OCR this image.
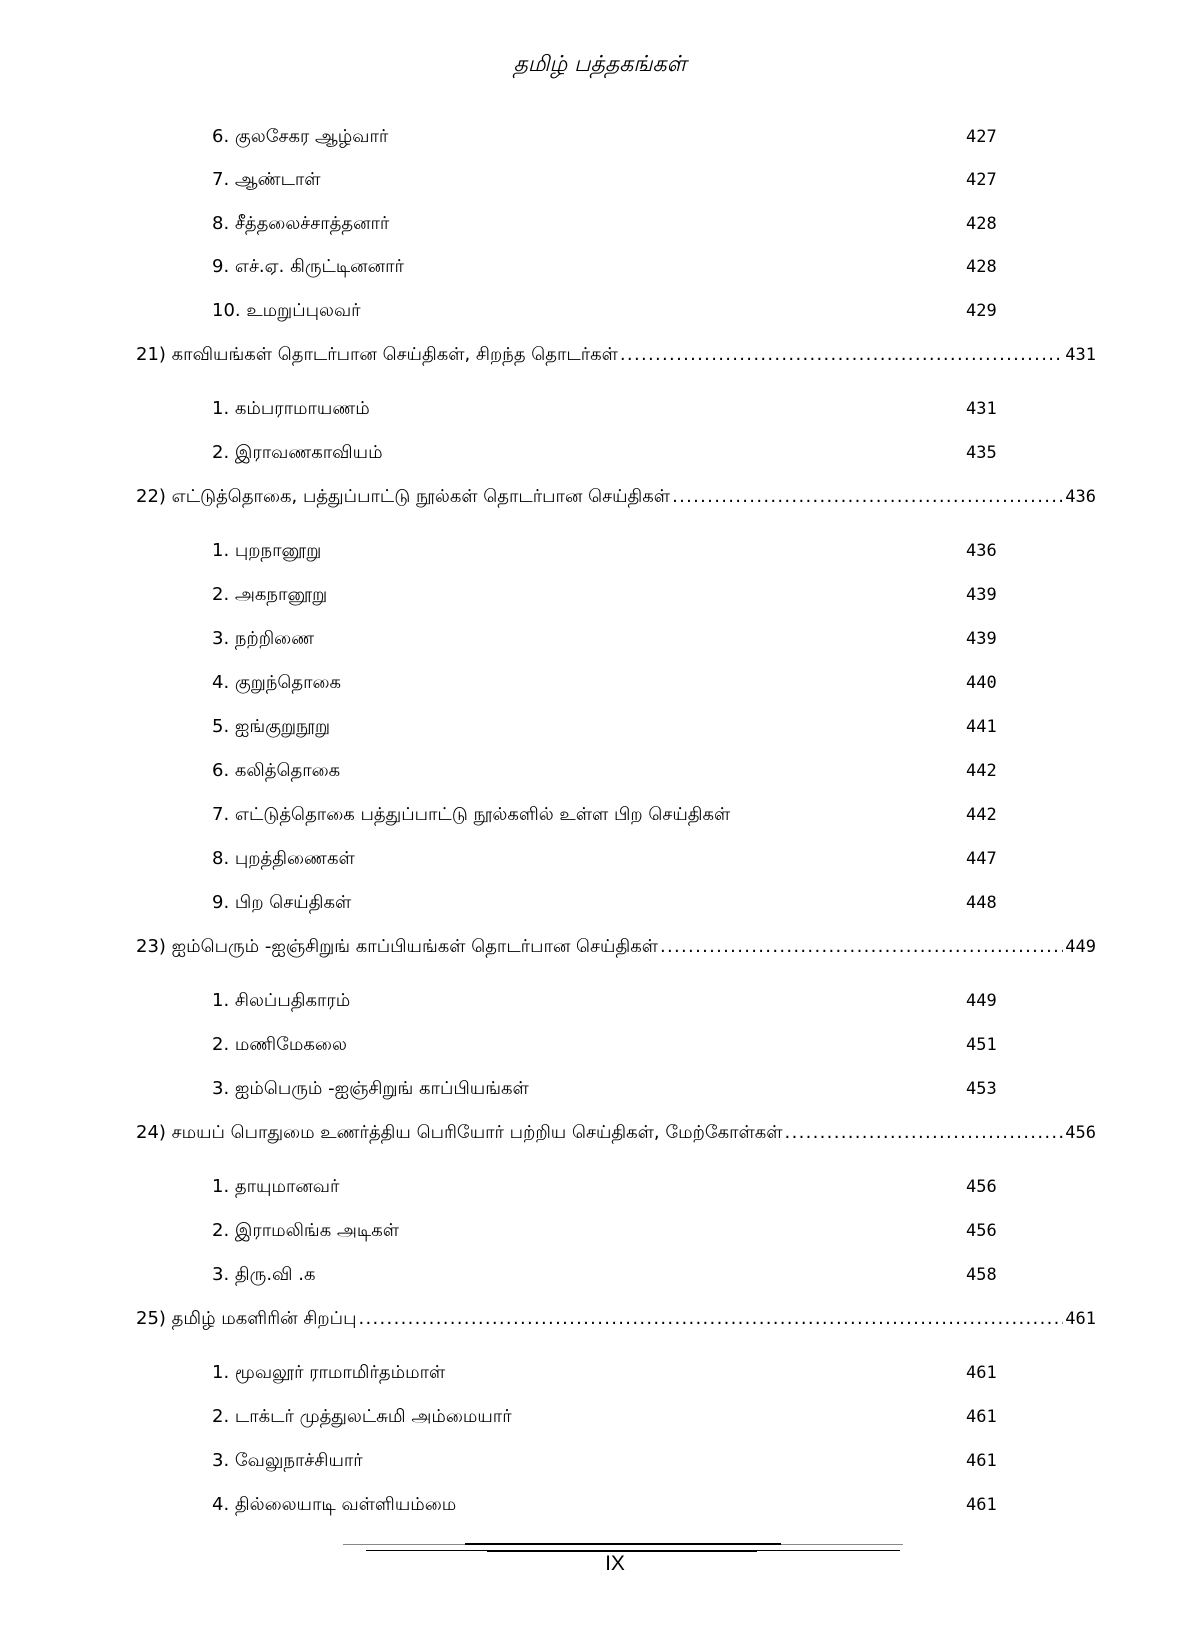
தமிழ் பத்தகங்கள்
6. குலசேகர ஆழ்வார்	427
7. ஆண்டாள்	427
8. சீத்தலைச்சாத்தனார்	428
9. எச்.ஏ. கிருட்டினனார்	428
10. உமறுப்புலவர்	429
21) காவியங்கள் தொடர்பான செய்திகள், சிறந்த தொடர்கள் .....	431
1. கம்பராமாயணம்	431
2. இராவணகாவியம்	435
22) எட்டுத்தொகை, பத்துப்பாட்டு நூல்கள் தொடர்பான செய்திகள் .....	436
1. புறநானூறு	436
2. அகநானூறு	439
3. நற்றிணை	439
4. குறுந்தொகை	440
5. ஐங்குறுநூறு	441
6. கலித்தொகை	442
7. எட்டுத்தொகை பத்துப்பாட்டு நூல்களில் உள்ள பிற செய்திகள்	442
8. புறத்திணைகள்	447
9. பிற செய்திகள்	448
23) ஐம்பெரும் -ஐஞ்சிறுங் காப்பியங்கள் தொடர்பான செய்திகள் .....	449
1. சிலப்பதிகாரம்	449
2. மணிமேகலை	451
3. ஐம்பெரும் -ஐஞ்சிறுங் காப்பியங்கள்	453
24) சமயப் பொதுமை உணர்த்திய பெரியோர் பற்றிய செய்திகள், மேற்கோள்கள் .....	456
1. தாயுமானவர்	456
2. இராமலிங்க அடிகள்	456
3. திரு.வி .க	458
25) தமிழ் மகளிரின் சிறப்பு .....	461
1. மூவலூர் ராமாமிர்தம்மாள்	461
2. டாக்டர் முத்துலட்சுமி அம்மையார்	461
3. வேலுநாச்சியார்	461
4. தில்லையாடி வள்ளியம்மை	461
IX
